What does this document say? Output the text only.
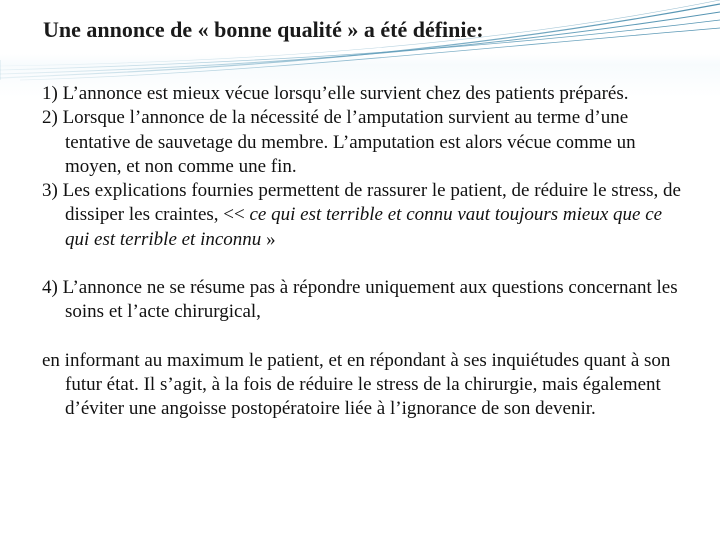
Une annonce de « bonne qualité » a été définie:

1) L’annonce est mieux vécue lorsqu’elle survient chez des patients préparés.

2) Lorsque l’annonce de la nécessité de l’amputation survient au terme d’une tentative de sauvetage du membre. L’amputation est alors vécue comme un moyen, et non comme une fin.

3) Les explications fournies permettent de rassurer le patient, de réduire le stress, de dissiper les craintes, << ce qui est terrible et connu vaut toujours mieux que ce qui est terrible et inconnu »

4) L’annonce ne se résume pas à répondre uniquement aux questions concernant les soins et l’acte chirurgical,

en informant au maximum le patient, et en répondant à ses inquiétudes quant à son futur état. Il s’agit, à la fois de réduire le stress de la chirurgie, mais également d’éviter une angoisse postopératoire liée à l’ignorance de son devenir.
